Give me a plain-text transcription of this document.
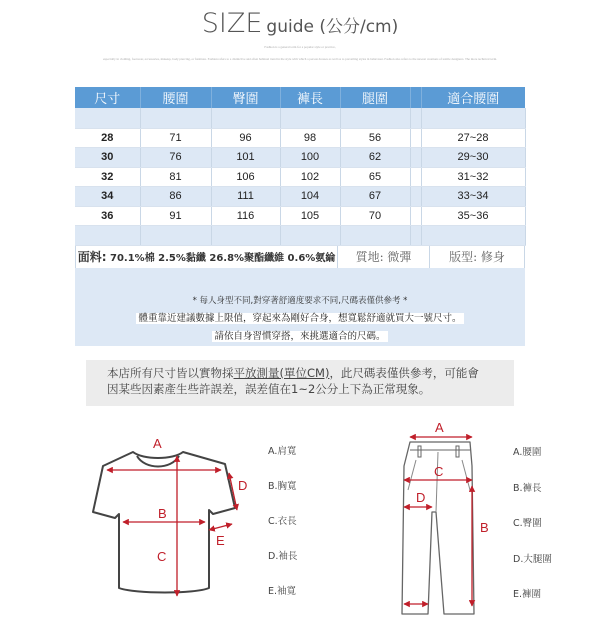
SIZE guide (公分/cm)
Fashion is a general term for a popular style or practice,
especially in clothing, footwear, accessories, makeup, body piercing, or furniture. Fashion refers to a distinctive and often habitual trend in the style with which a person dresses as well as to prevailing styles in behaviour. Fashion also refers to the newest creations of textile designers. The more technical term.
尺寸	腰圍	臀圍	褲長	腿圍		適合腰圍

28	71	96	98	56		27~28
30	76	101	100	62		29~30
32	81	106	102	65		31~32
34	86	111	104	67		33~34
36	91	116	105	70		35~36

面料: 70.1%棉 2.5%黏纖 26.8%聚酯纖維 0.6%氨綸	質地: 微彈	版型: 修身
* 每人身型不同,對穿著舒適度要求不同,尺碼表僅供參考 *
體重靠近建議數據上限值，穿起來為剛好合身，想寬鬆舒適就買大一號尺寸。
請依自身習慣穿搭，來挑選適合的尺碼。
本店所有尺寸皆以實物採平放測量(單位CM)，此尺碼表僅供參考，可能會
因某些因素產生些許誤差，誤差值在1~2公分上下為正常現象。
A
B
C
D
E
A.肩寬
B.胸寬
C.衣長
D.袖長
E.袖寬
A
B
C
D
A.腰圍
B.褲長
C.臀圍
D.大腿圍
E.褲圍
